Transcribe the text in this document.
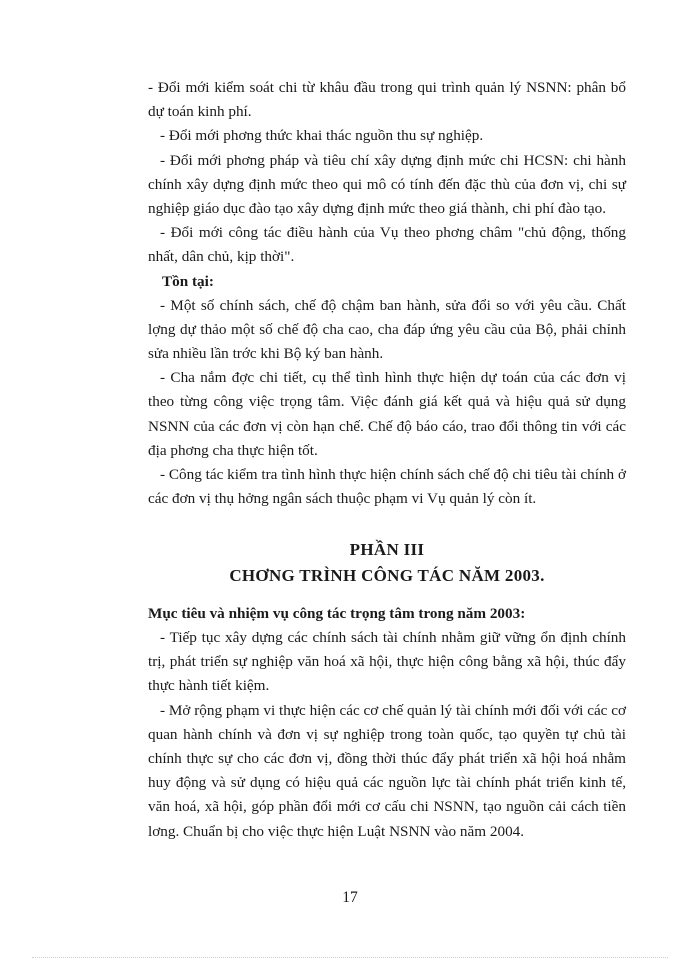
- Đổi mới kiểm soát chi từ khâu đầu trong qui trình quản lý NSNN: phân bổ dự toán kinh phí.

- Đổi mới phơng thức khai thác nguồn thu sự nghiệp.

- Đổi mới phơng pháp và tiêu chí xây dựng định mức chi HCSN: chi hành chính xây dựng định mức theo qui mô có tính đến đặc thù của đơn vị, chi sự nghiệp giáo dục đào tạo xây dựng định mức theo giá thành, chi phí đào tạo.

- Đổi mới công tác điều hành của Vụ theo phơng châm "chủ động, thống nhất, dân chủ, kịp thời".

Tồn tại:

- Một số chính sách, chế độ chậm ban hành, sửa đổi so với yêu cầu. Chất lợng dự thảo một số chế độ cha cao, cha đáp ứng yêu cầu của Bộ, phải chỉnh sửa nhiều lần trớc khi Bộ ký ban hành.

- Cha nắm đợc chi tiết, cụ thể tình hình thực hiện dự toán của các đơn vị theo từng công việc trọng tâm. Việc đánh giá kết quả và hiệu quả sử dụng NSNN của các đơn vị còn hạn chế. Chế độ báo cáo, trao đổi thông tin với các địa phơng cha thực hiện tốt.

- Công tác kiểm tra tình hình thực hiện chính sách chế độ chi tiêu tài chính ở các đơn vị thụ hởng ngân sách thuộc phạm vi Vụ quản lý còn ít.

PHẦN III

CHƠNG TRÌNH CÔNG TÁC NĂM 2003.

Mục tiêu và nhiệm vụ công tác trọng tâm trong năm 2003:

- Tiếp tục xây dựng các chính sách tài chính nhằm giữ vững ổn định chính trị, phát triển sự nghiệp văn hoá xã hội, thực hiện công bằng xã hội, thúc đẩy thực hành tiết kiệm.

- Mở rộng phạm vi thực hiện các cơ chế quản lý tài chính mới đối với các cơ quan hành chính và đơn vị sự nghiệp trong toàn quốc, tạo quyền tự chủ tài chính thực sự cho các đơn vị, đồng thời thúc đẩy phát triển xã hội hoá nhằm huy động và sử dụng có hiệu quả các nguồn lực tài chính phát triển kinh tế, văn hoá, xã hội, góp phần đổi mới cơ cấu chi NSNN, tạo nguồn cải cách tiền lơng. Chuẩn bị cho việc thực hiện Luật NSNN vào năm 2004.

17
